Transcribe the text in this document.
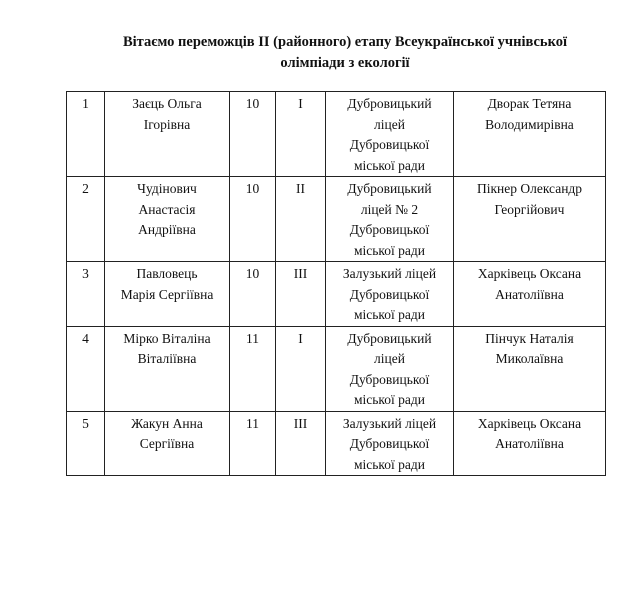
Вітаємо переможців II (районного) етапу Всеукраїнської учнівської
олімпіади з екології
1	Заєць Ольга
Ігорівна	10	І	Дубровицький
ліцей
Дубровицької
міської ради	Дворак Тетяна
Володимирівна

2	Чудінович
Анастасія
Андріївна	10	ІІ	Дубровицький
ліцей № 2
Дубровицької
міської ради	Пікнер Олександр
Георгійович

3	Павловець
Марія Сергіївна	10	ІІІ	Залузький ліцей
Дубровицької
міської ради	Харківець Оксана
Анатоліївна

4	Мірко Віталіна
Віталіївна	11	І	Дубровицький
ліцей
Дубровицької
міської ради	Пінчук Наталія
Миколаївна

5	Жакун Анна
Сергіївна	11	ІІІ	Залузький ліцей
Дубровицької
міської ради	Харківець Оксана
Анатоліївна
